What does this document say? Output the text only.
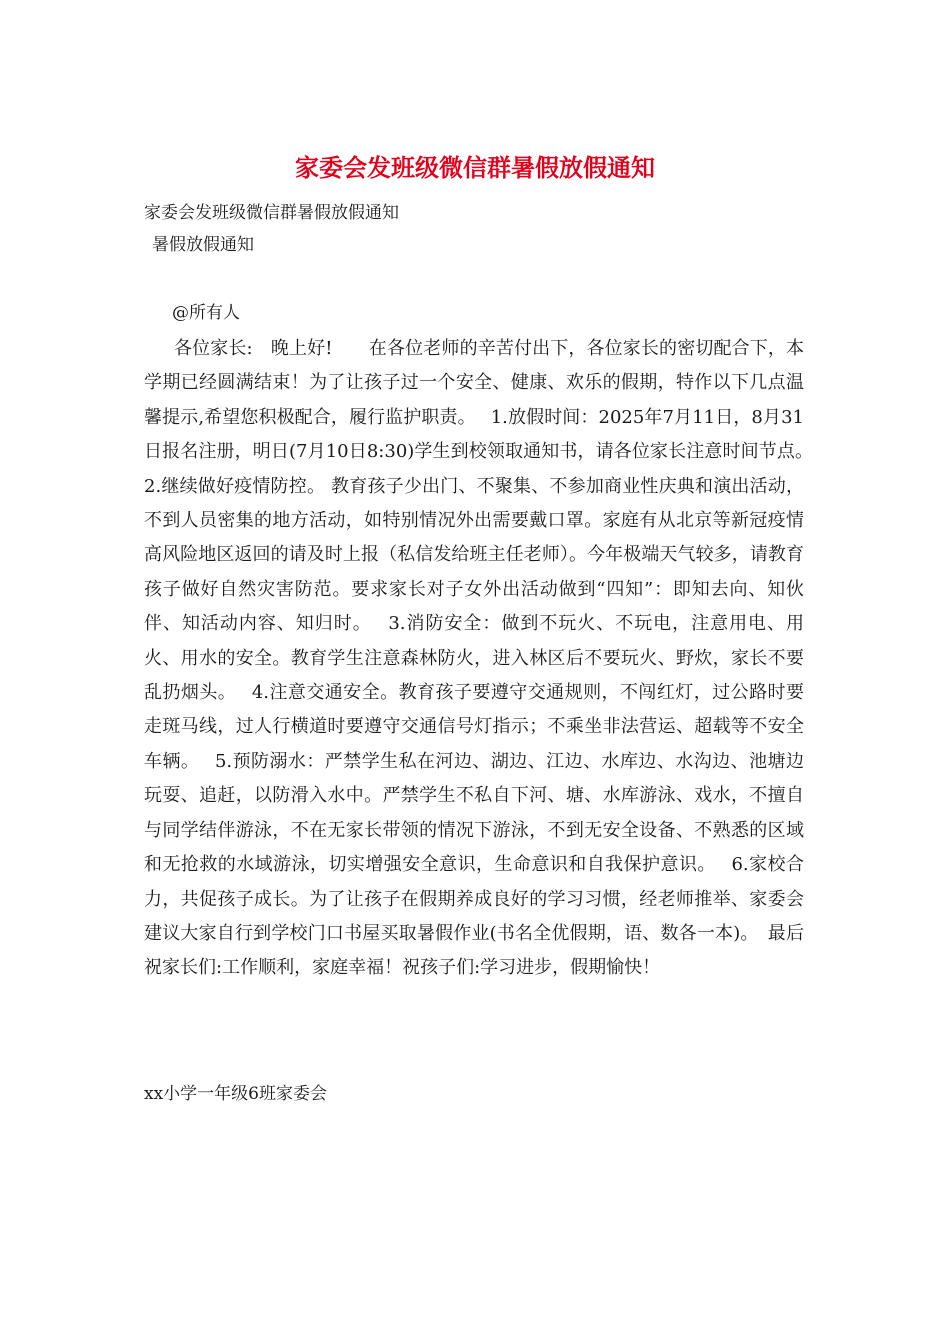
家委会发班级微信群暑假放假通知
家委会发班级微信群暑假放假通知
暑假放假通知
@所有人
各位家长:　晚上好!　　在各位老师的辛苦付出下，各位家长的密切配合下，本学期已经圆满结束！为了让孩子过一个安全、健康、欢乐的假期，特作以下几点温馨提示,希望您积极配合，履行监护职责。　 1.放假时间：2025年7月11日，8月31日报名注册，明日(7月10日8:30)学生到校领取通知书，请各位家长注意时间节点。　 2.继续做好疫情防控。 教育孩子少出门、不聚集、不参加商业性庆典和演出活动，不到人员密集的地方活动，如特别情况外出需要戴口罩。家庭有从北京等新冠疫情高风险地区返回的请及时上报（私信发给班主任老师）。今年极端天气较多，请教育孩子做好自然灾害防范。要求家长对子女外出活动做到“四知”：即知去向、知伙伴、知活动内容、知归时。　 3.消防安全：做到不玩火、不玩电，注意用电、用火、用水的安全。教育学生注意森林防火，进入林区后不要玩火、野炊，家长不要乱扔烟头。　 4.注意交通安全。教育孩子要遵守交通规则，不闯红灯，过公路时要走斑马线，过人行横道时要遵守交通信号灯指示；不乘坐非法营运、超载等不安全车辆。　 5.预防溺水：严禁学生私在河边、湖边、江边、水库边、水沟边、池塘边玩耍、追赶，以防滑入水中。严禁学生不私自下河、塘、水库游泳、戏水，不擅自与同学结伴游泳，不在无家长带领的情况下游泳，不到无安全设备、不熟悉的区域和无抢救的水域游泳，切实增强安全意识，生命意识和自我保护意识。　 6.家校合力，共促孩子成长。为了让孩子在假期养成良好的学习习惯，经老师推举、家委会建议大家自行到学校门口书屋买取暑假作业(书名全优假期，语、数各一本)。　最后祝家长们:工作顺利，家庭幸福！祝孩子们:学习进步，假期愉快！
xx小学一年级6班家委会
